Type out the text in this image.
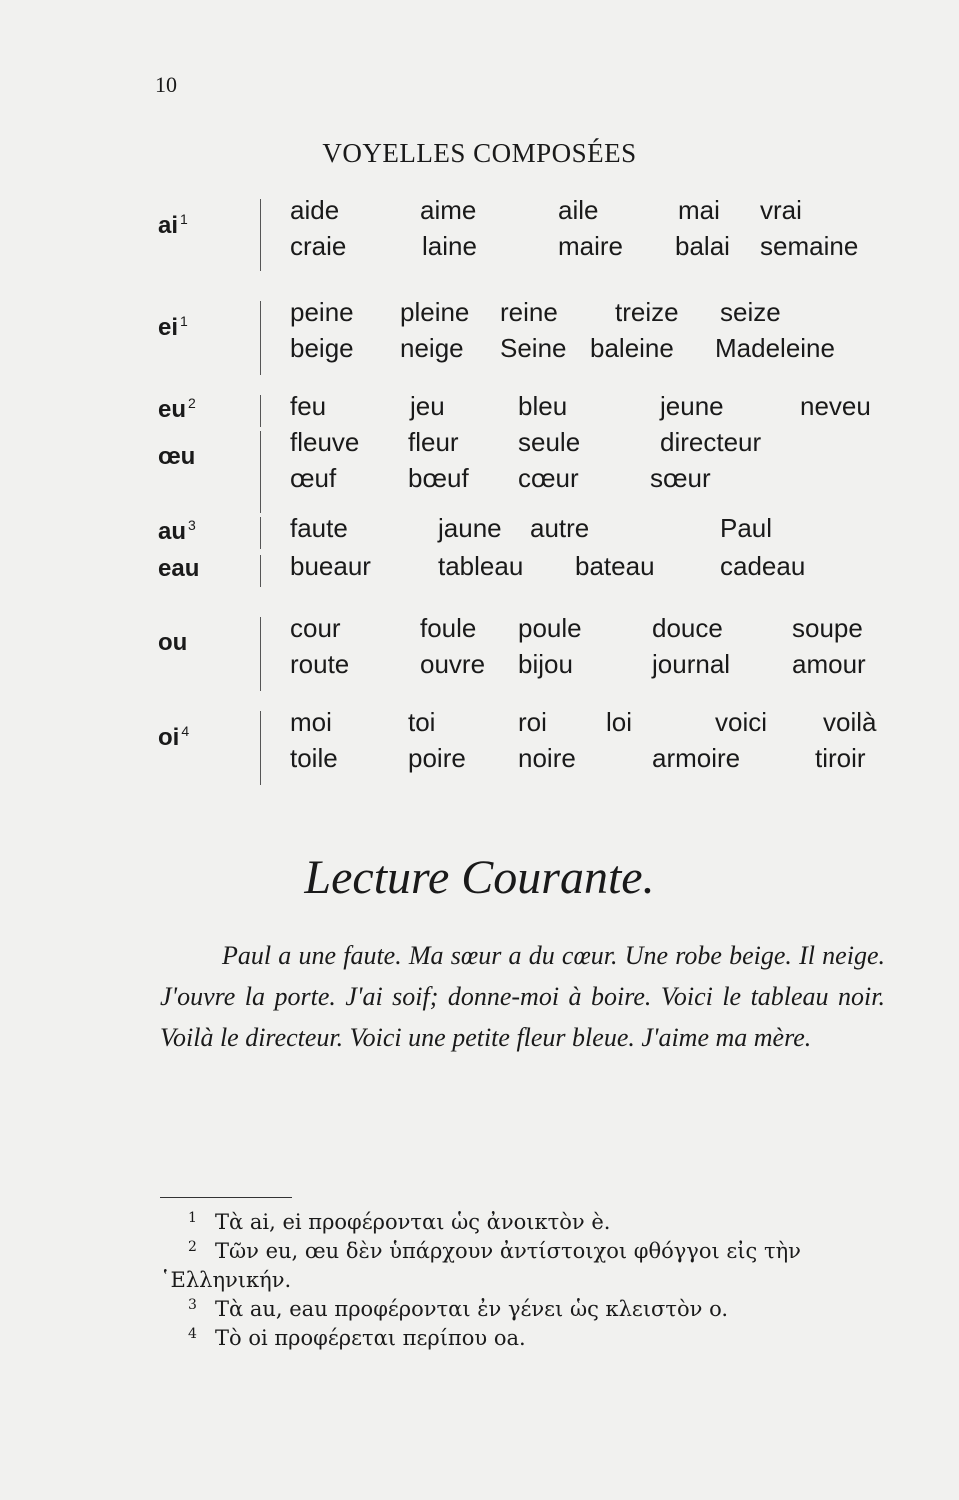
10
VOYELLES COMPOSÉES
ai $^1$	aide	aime	aile	mai vrai
craie	laine	maire balai semaine
ei $^1$	peine pleine reine treize seize
beige neige Seine baleine Madeleine
eu $^2$	feu	jeu	bleu	jeune	neveu
œu	fleuve fleur seule	directeur
œuf	bœuf cœur	sœur
au $^3$	faute	jaune autre	Paul
eau	bueaur	tableau bateau	cadeau
ou	cour	foule poule	douce	soupe
route	ouvre bijou	journal amour
oi $^4$	moi	toi	roi loi	voici voilà
toile	poire noire	armoire	tiroir
Lecture Courante.
Paul a une faute. Ma sœur a du cœur. Une robe beige. Il neige. J'ouvre la porte. J'ai soif; donne-moi à boire. Voici le tableau noir. Voilà le directeur. Voici une petite fleur bleue. J'aime ma mère.
1 Τὰ ai, ei προφέρονται ὡς ἀνοικτὸν è.
2 Τῶν eu, œu δὲν ὑπάρχουν ἀντίστοιχοι φθόγγοι εἰς τὴν
῾Ελληνικήν.
3 Τὰ au, eau προφέρονται ἐν γένει ὡς κλειστὸν o.
4 Τὸ oi προφέρεται περίπου oa.
